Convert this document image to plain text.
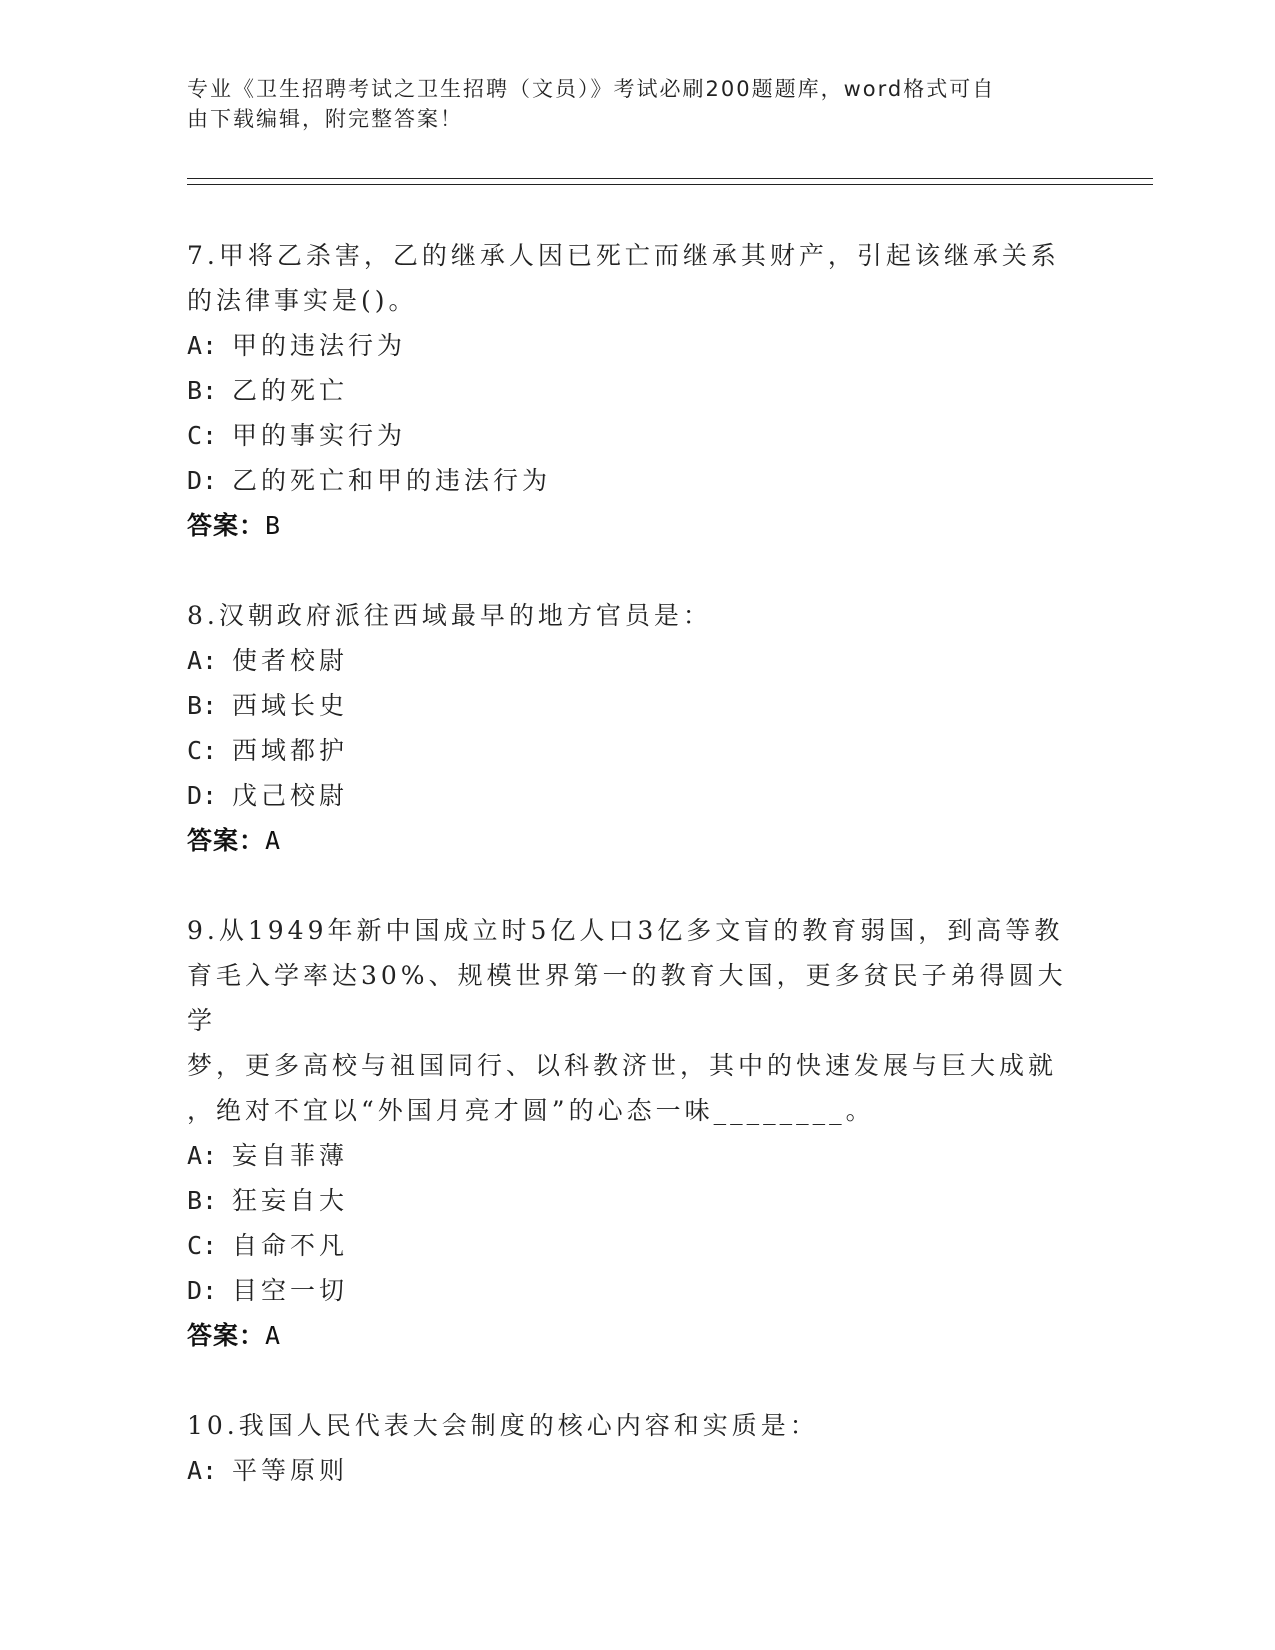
专业《卫生招聘考试之卫生招聘（文员）》考试必刷200题题库，word格式可自
由下载编辑，附完整答案！
7.甲将乙杀害，乙的继承人因已死亡而继承其财产，引起该继承关系
的法律事实是()。
A: 甲的违法行为
B: 乙的死亡
C: 甲的事实行为
D: 乙的死亡和甲的违法行为
答案：B
8.汉朝政府派往西域最早的地方官员是：
A: 使者校尉
B: 西域长史
C: 西域都护
D: 戊己校尉
答案：A
9.从1949年新中国成立时5亿人口3亿多文盲的教育弱国，到高等教
育毛入学率达30%、规模世界第一的教育大国，更多贫民子弟得圆大学
梦，更多高校与祖国同行、以科教济世，其中的快速发展与巨大成就
，绝对不宜以“外国月亮才圆”的心态一味________。
A: 妄自菲薄
B: 狂妄自大
C: 自命不凡
D: 目空一切
答案：A
10.我国人民代表大会制度的核心内容和实质是：
A: 平等原则
